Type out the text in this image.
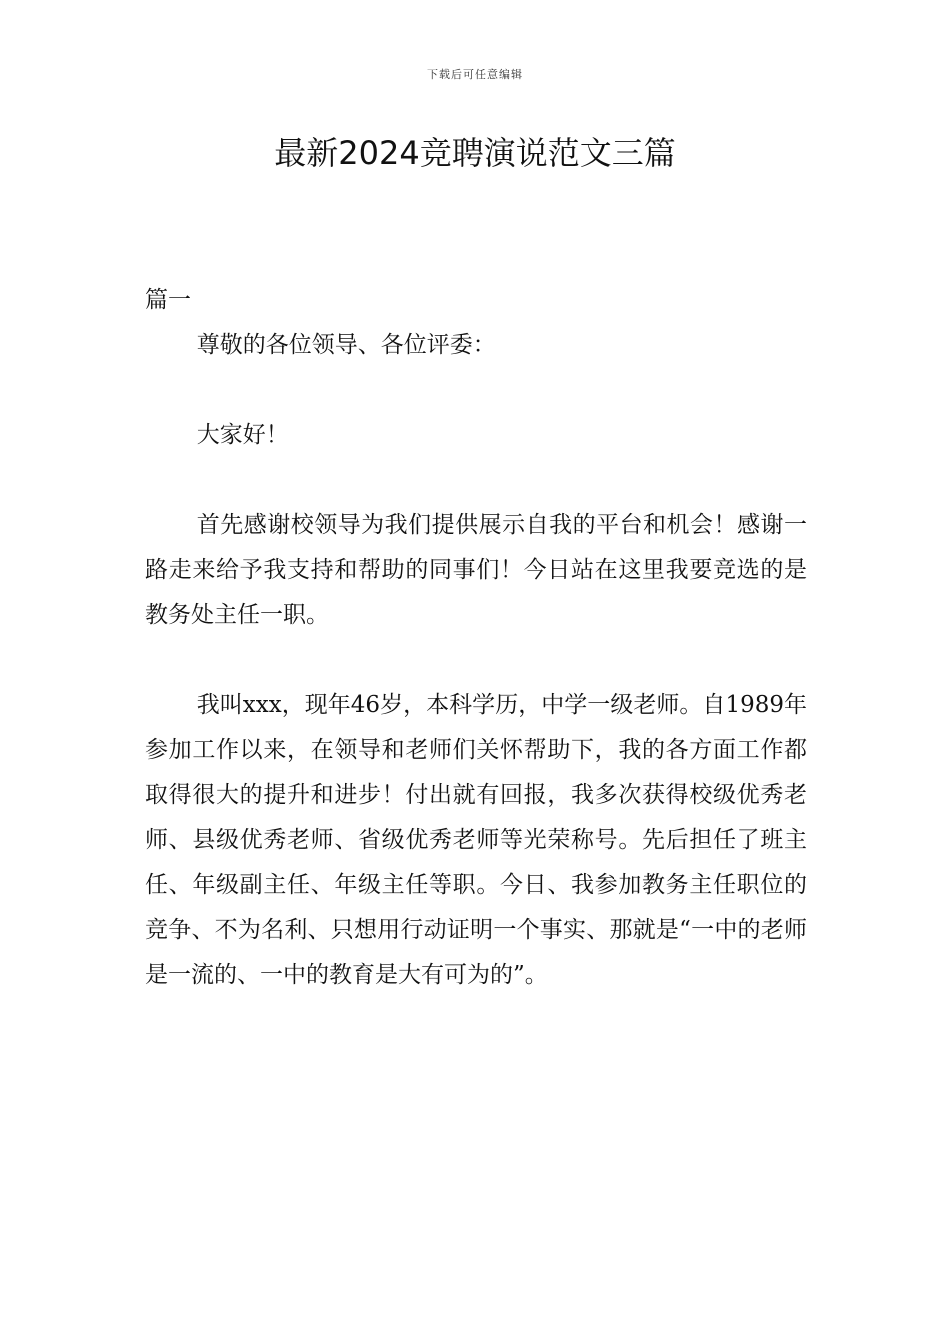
下载后可任意编辑
最新2024竞聘演说范文三篇

篇一

尊敬的各位领导、各位评委：

大家好！

首先感谢校领导为我们提供展示自我的平台和机会！感谢一路走来给予我支持和帮助的同事们！今日站在这里我要竞选的是教务处主任一职。

我叫xxx，现年46岁，本科学历，中学一级老师。自1989年参加工作以来，在领导和老师们关怀帮助下，我的各方面工作都取得很大的提升和进步！付出就有回报，我多次获得校级优秀老师、县级优秀老师、省级优秀老师等光荣称号。先后担任了班主任、年级副主任、年级主任等职。今日、我参加教务主任职位的竞争、不为名利、只想用行动证明一个事实、那就是“一中的老师是一流的、一中的教育是大有可为的”。
